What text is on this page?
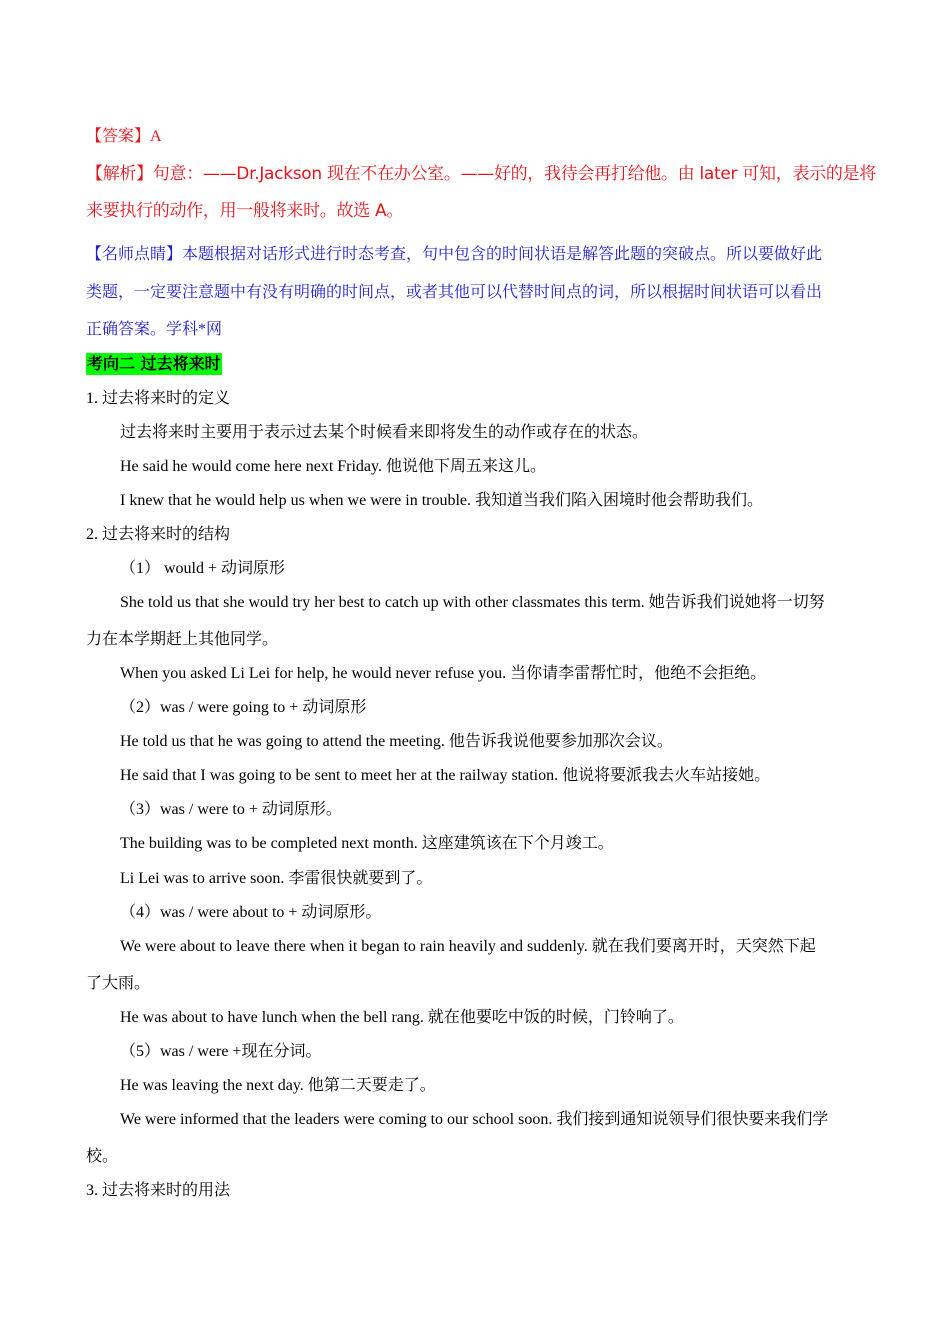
【答案】A
【解析】句意：——Dr.Jackson 现在不在办公室。——好的，我待会再打给他。由 later 可知，表示的是将
来要执行的动作，用一般将来时。故选 A。
【名师点睛】本题根据对话形式进行时态考查，句中包含的时间状语是解答此题的突破点。所以要做好此
类题，一定要注意题中有没有明确的时间点，或者其他可以代替时间点的词，所以根据时间状语可以看出
正确答案。学科*网
考向二 过去将来时
1. 过去将来时的定义
过去将来时主要用于表示过去某个时候看来即将发生的动作或存在的状态。
He said he would come here next Friday. 他说他下周五来这儿。
I knew that he would help us when we were in trouble. 我知道当我们陷入困境时他会帮助我们。
2. 过去将来时的结构
（1） would + 动词原形
She told us that she would try her best to catch up with other classmates this term. 她告诉我们说她将一切努
力在本学期赶上其他同学。
When you asked Li Lei for help, he would never refuse you. 当你请李雷帮忙时，他绝不会拒绝。
（2）was / were going to + 动词原形
He told us that he was going to attend the meeting. 他告诉我说他要参加那次会议。
He said that I was going to be sent to meet her at the railway station. 他说将要派我去火车站接她。
（3）was / were to + 动词原形。
The building was to be completed next month. 这座建筑该在下个月竣工。
Li Lei was to arrive soon. 李雷很快就要到了。
（4）was / were about to + 动词原形。
We were about to leave there when it began to rain heavily and suddenly. 就在我们要离开时，天突然下起
了大雨。
He was about to have lunch when the bell rang. 就在他要吃中饭的时候，门铃响了。
（5）was / were +现在分词。
He was leaving the next day. 他第二天要走了。
We were informed that the leaders were coming to our school soon. 我们接到通知说领导们很快要来我们学
校。
3. 过去将来时的用法
